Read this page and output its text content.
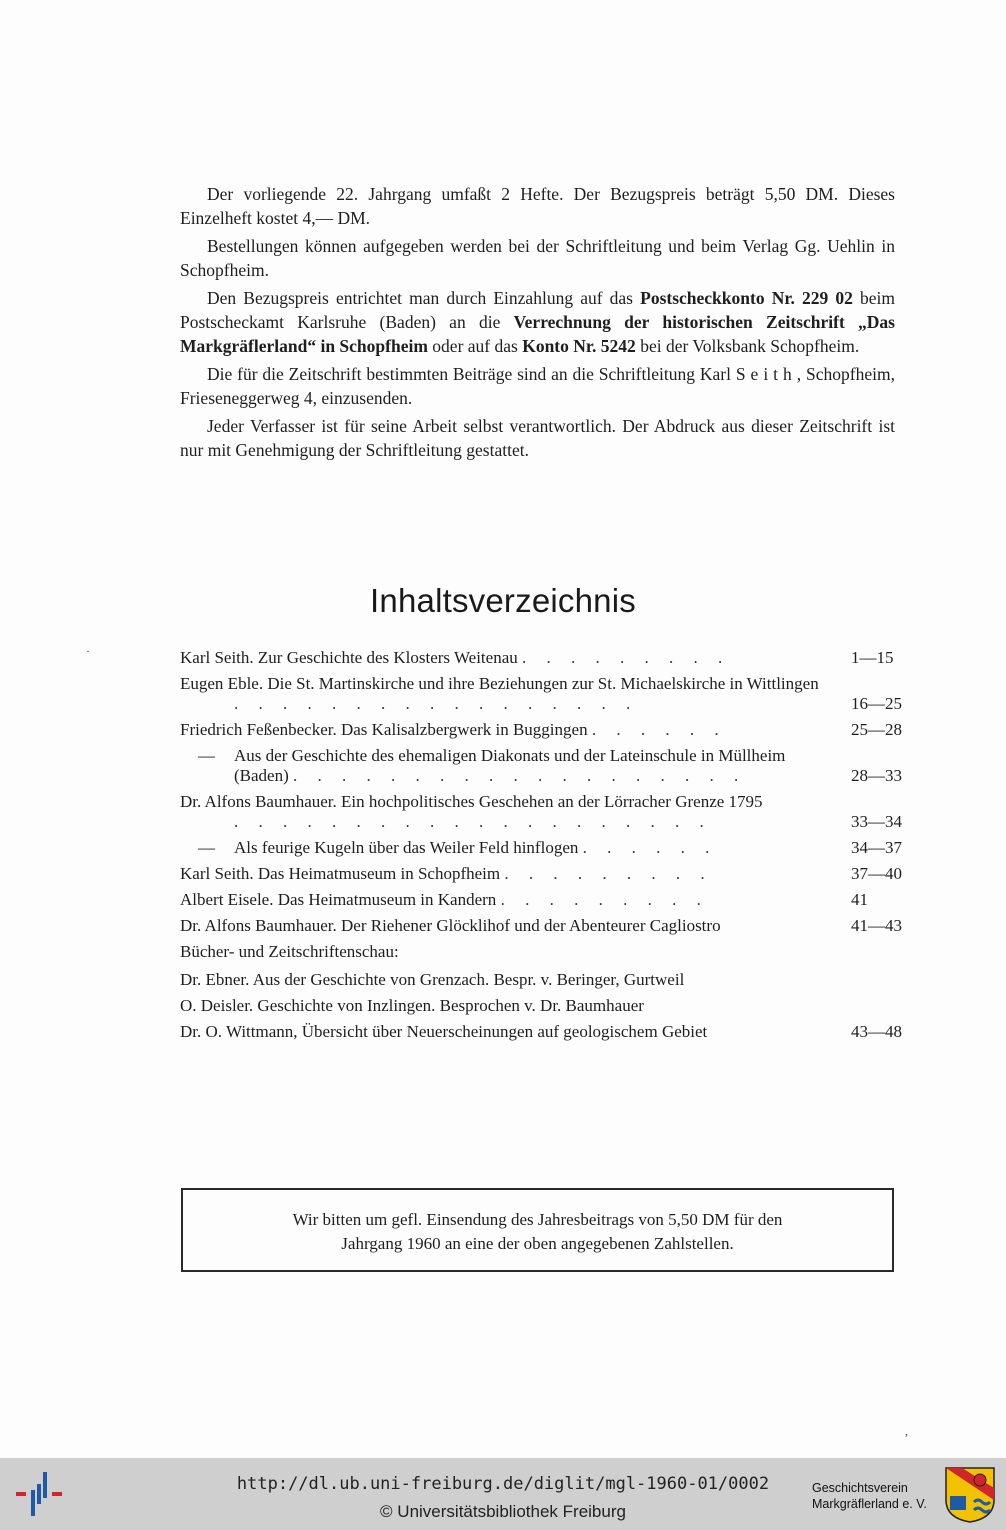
Der vorliegende 22. Jahrgang umfaßt 2 Hefte. Der Bezugspreis beträgt 5,50 DM. Dieses Einzelheft kostet 4,— DM.

Bestellungen können aufgegeben werden bei der Schriftleitung und beim Verlag Gg. Uehlin in Schopfheim.

Den Bezugspreis entrichtet man durch Einzahlung auf das Postscheckkonto Nr. 229 02 beim Postscheckamt Karlsruhe (Baden) an die Verrechnung der historischen Zeitschrift „Das Markgräflerland“ in Schopfheim oder auf das Konto Nr. 5242 bei der Volksbank Schopfheim.

Die für die Zeitschrift bestimmten Beiträge sind an die Schriftleitung Karl Seith, Schopfheim, Frieseneggerweg 4, einzusenden.

Jeder Verfasser ist für seine Arbeit selbst verantwortlich. Der Abdruck aus dieser Zeitschrift ist nur mit Genehmigung der Schriftleitung gestattet.

Inhaltsverzeichnis
Karl Seith. Zur Geschichte des Klosters Weitenau . . . . . . . . .	1—15
Eugen Eble. Die St. Martinskirche und ihre Beziehungen zur St. Michaelskirche in Wittlingen . . . . . . . . . . . . . . . . .	16—25
Friedrich Feßenbecker. Das Kalisalzbergwerk in Buggingen . . . . . .	25—28
— Aus der Geschichte des ehemaligen Diakonats und der Lateinschule in Müllheim (Baden) . . . . . . . . . . . . . . . . . . .	28—33
Dr. Alfons Baumhauer. Ein hochpolitisches Geschehen an der Lörracher Grenze 1795 . . . . . . . . . . . . . . . . . . . .	33—34
— Als feurige Kugeln über das Weiler Feld hinflogen . . . . . .	34—37
Karl Seith. Das Heimatmuseum in Schopfheim . . . . . . . . .	37—40
Albert Eisele. Das Heimatmuseum in Kandern . . . . . . . . .	41
Dr. Alfons Baumhauer. Der Riehener Glöcklihof und der Abenteurer Cagliostro	41—43
Bücher- und Zeitschriftenschau:
Dr. Ebner. Aus der Geschichte von Grenzach. Bespr. v. Beringer, Gurtweil
O. Deisler. Geschichte von Inzlingen. Besprochen v. Dr. Baumhauer
Dr. O. Wittmann, Übersicht über Neuerscheinungen auf geologischem Gebiet	43—48
Wir bitten um gefl. Einsendung des Jahresbeitrags von 5,50 DM für den
Jahrgang 1960 an eine der oben angegebenen Zahlstellen.
·
,
http://dl.ub.uni-freiburg.de/diglit/mgl-1960-01/0002
© Universitätsbibliothek Freiburg
Geschichtsverein
Markgräflerland e. V.
